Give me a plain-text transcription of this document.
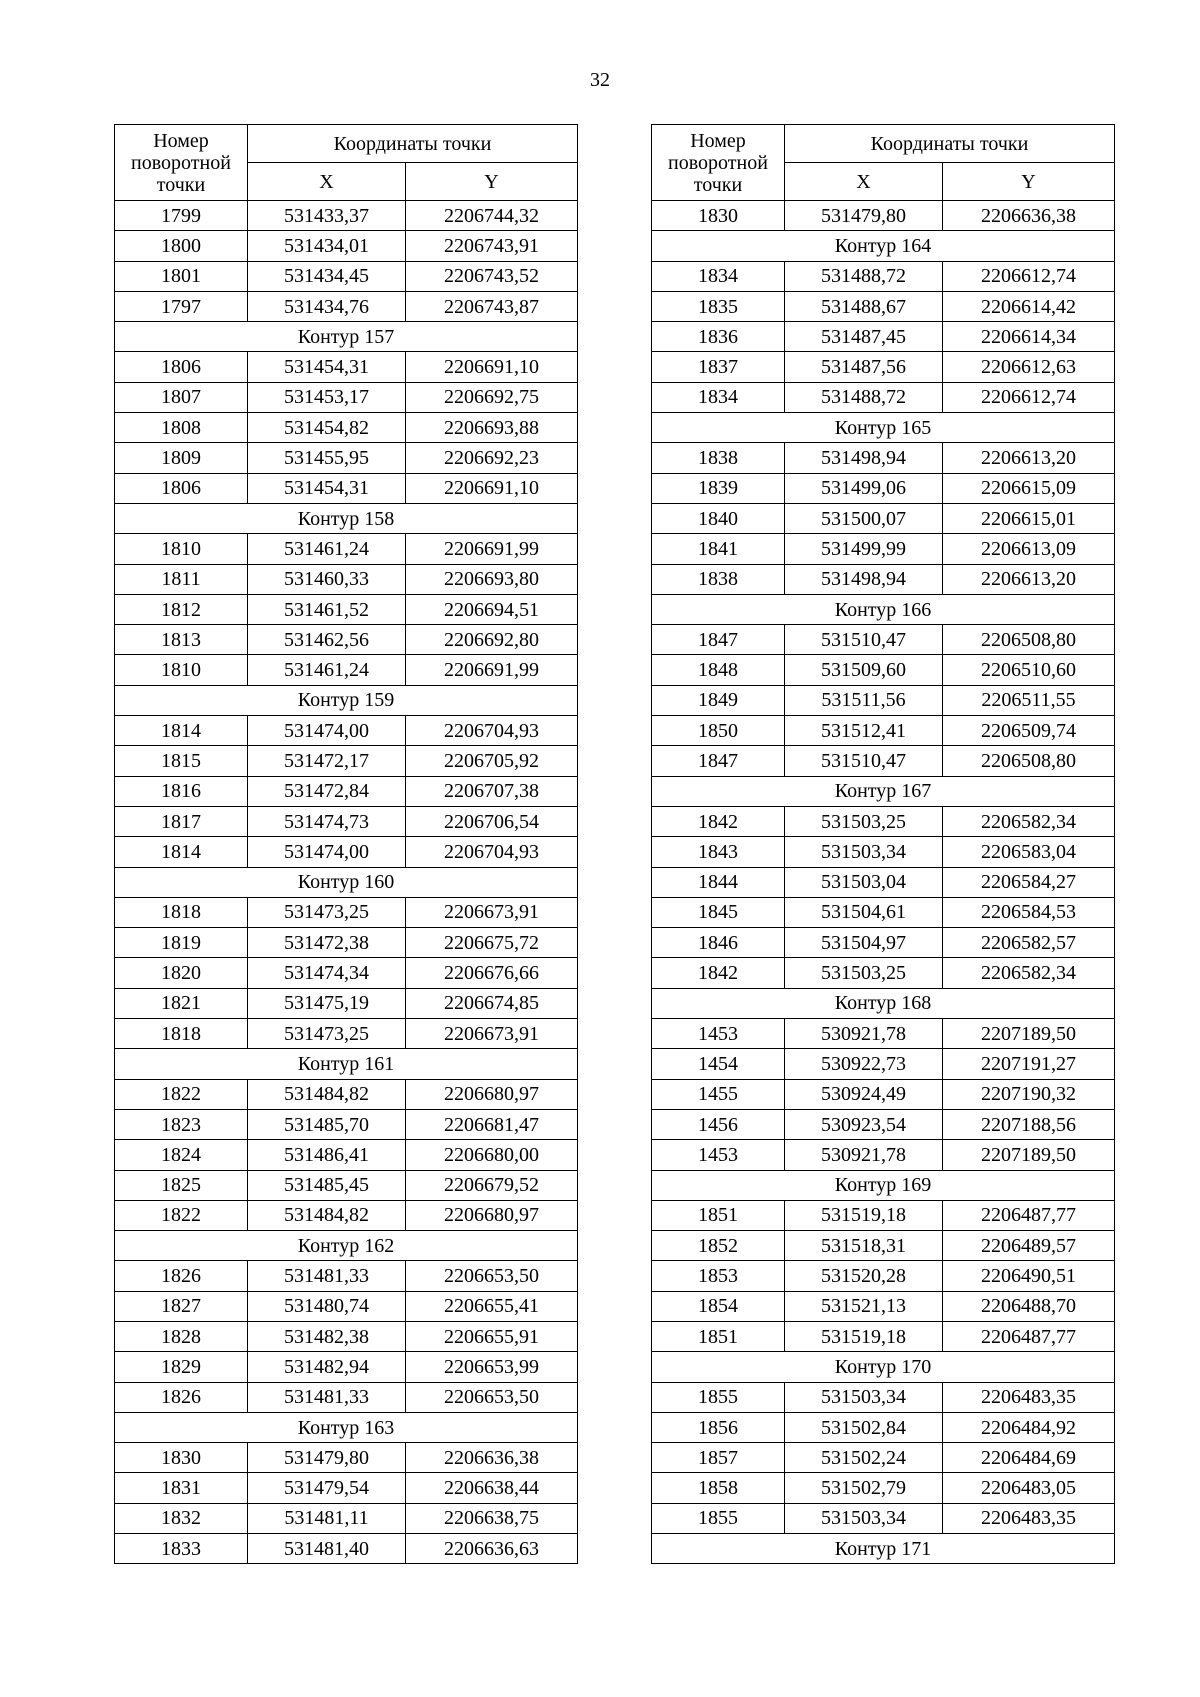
32
Номер поворотной точки	Координаты точки	
	X	Y
1799	531433,37	2206744,32
1800	531434,01	2206743,91
1801	531434,45	2206743,52
1797	531434,76	2206743,87
Контур 157		
1806	531454,31	2206691,10
1807	531453,17	2206692,75
1808	531454,82	2206693,88
1809	531455,95	2206692,23
1806	531454,31	2206691,10
Контур 158		
1810	531461,24	2206691,99
1811	531460,33	2206693,80
1812	531461,52	2206694,51
1813	531462,56	2206692,80
1810	531461,24	2206691,99
Контур 159		
1814	531474,00	2206704,93
1815	531472,17	2206705,92
1816	531472,84	2206707,38
1817	531474,73	2206706,54
1814	531474,00	2206704,93
Контур 160		
1818	531473,25	2206673,91
1819	531472,38	2206675,72
1820	531474,34	2206676,66
1821	531475,19	2206674,85
1818	531473,25	2206673,91
Контур 161		
1822	531484,82	2206680,97
1823	531485,70	2206681,47
1824	531486,41	2206680,00
1825	531485,45	2206679,52
1822	531484,82	2206680,97
Контур 162		
1826	531481,33	2206653,50
1827	531480,74	2206655,41
1828	531482,38	2206655,91
1829	531482,94	2206653,99
1826	531481,33	2206653,50
Контур 163		
1830	531479,80	2206636,38
1831	531479,54	2206638,44
1832	531481,11	2206638,75
1833	531481,40	2206636,63
Номер поворотной точки	Координаты точки	
	X	Y
1830	531479,80	2206636,38
Контур 164		
1834	531488,72	2206612,74
1835	531488,67	2206614,42
1836	531487,45	2206614,34
1837	531487,56	2206612,63
1834	531488,72	2206612,74
Контур 165		
1838	531498,94	2206613,20
1839	531499,06	2206615,09
1840	531500,07	2206615,01
1841	531499,99	2206613,09
1838	531498,94	2206613,20
Контур 166		
1847	531510,47	2206508,80
1848	531509,60	2206510,60
1849	531511,56	2206511,55
1850	531512,41	2206509,74
1847	531510,47	2206508,80
Контур 167		
1842	531503,25	2206582,34
1843	531503,34	2206583,04
1844	531503,04	2206584,27
1845	531504,61	2206584,53
1846	531504,97	2206582,57
1842	531503,25	2206582,34
Контур 168		
1453	530921,78	2207189,50
1454	530922,73	2207191,27
1455	530924,49	2207190,32
1456	530923,54	2207188,56
1453	530921,78	2207189,50
Контур 169		
1851	531519,18	2206487,77
1852	531518,31	2206489,57
1853	531520,28	2206490,51
1854	531521,13	2206488,70
1851	531519,18	2206487,77
Контур 170		
1855	531503,34	2206483,35
1856	531502,84	2206484,92
1857	531502,24	2206484,69
1858	531502,79	2206483,05
1855	531503,34	2206483,35
Контур 171		
